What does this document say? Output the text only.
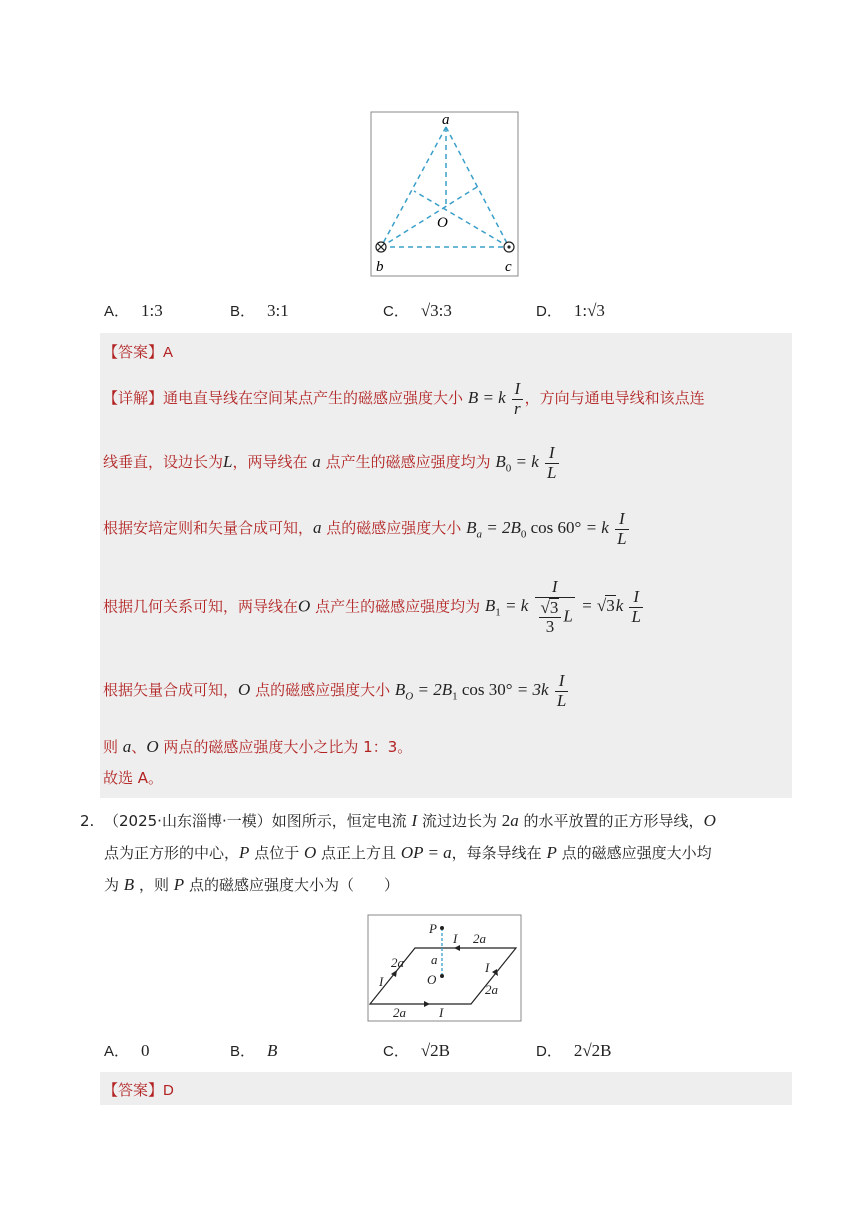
a
O
b	c
A． 1:3	B． 3:1	C． √3:3	D． 1:√3
【答案】A
【详解】通电直导线在空间某点产生的磁感应强度大小 B = k $\frac{I}{r}$ ，方向与通电导线和该点连
线垂直，设边长为L，两导线在 a 点产生的磁感应强度均为 $B_0 = k \frac{I}{L}$
根据安培定则和矢量合成可知，a 点的磁感应强度大小 $B_a = 2B_0$ cos 60° = k $\frac{I}{L}$
根据几何关系可知，两导线在O 点产生的磁感应强度均为 $B_1 = k \frac{I}{\frac{√3}{3} L} = √3k \frac{I}{L}$
根据矢量合成可知，O 点的磁感应强度大小 $B_O = 2B_1$ $\cos 30^\circ = 3k \frac{I}{L}$
则 a、O 两点的磁感应强度大小之比为 1：3。
故选 A。
2. （2025·山东淄博·一模）如图所示，恒定电流 I 流过边长为 2a 的水平放置的正方形导线，O
点为正方形的中心，P 点位于 O 点正上方且 OP = a，每条导线在 P 点的磁感应强度大小均
为 B ，则 P 点的磁感应强度大小为（　　）
P
I 2a
2a
I
a
O
I
2a
2a	I
A． 0	B． B	C． √2B	D． 2√2B
【答案】D
